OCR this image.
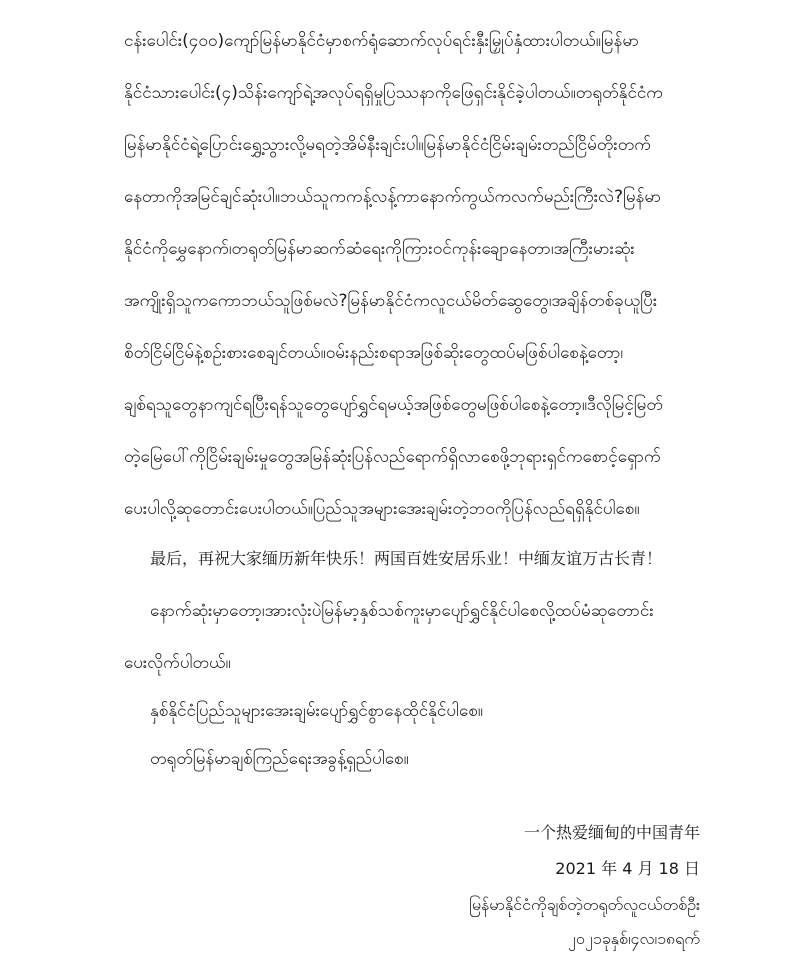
ငန်းပေါင်း(၄၀၀)ကျော်မြန်မာနိုင်ငံမှာစက်ရုံဆောက်လုပ်ရင်းနှီးမြှုပ်နှံထားပါတယ်။မြန်မာ
နိုင်ငံသားပေါင်း(၄)သိန်းကျော်ရဲ့အလုပ်ရရှိမှုပြဿနာကိုဖြေရှင်းနိုင်ခဲ့ပါတယ်။တရုတ်နိုင်ငံက
မြန်မာနိုင်ငံရဲ့ပြောင်းရွှေ့သွားလို့မရတဲ့အိမ်နီးချင်းပါ။မြန်မာနိုင်ငံငြိမ်းချမ်းတည်ငြိမ်တိုးတက်
နေတာကိုအမြင်ချင်ဆုံးပါ။ဘယ်သူကကန့်လန့်ကာနောက်ကွယ်ကလက်မည်းကြီးလဲ?မြန်မာ
နိုင်ငံကိုမွှေနောက်၊တရုတ်မြန်မာဆက်ဆံရေးကိုကြားဝင်ကုန်းချောနေတာ၊အကြီးမားဆုံး
အကျိုးရှိသူကကောဘယ်သူဖြစ်မလဲ?မြန်မာနိုင်ငံကလူငယ်မိတ်ဆွေတွေ၊အချိန်တစ်ခုယူပြီး
စိတ်ငြိမ်ငြိမ်နဲ့စဉ်းစားစေချင်တယ်။ဝမ်းနည်းစရာအဖြစ်ဆိုးတွေထပ်မဖြစ်ပါစေနဲ့တော့၊
ချစ်ရသူတွေနာကျင်ရပြီးရန်သူတွေပျော်ရွှင်ရမယ့်အဖြစ်တွေမဖြစ်ပါစေနဲ့တော့။ဒီလိုမြင့်မြတ်
တဲ့မြေပေါ်ကိုငြိမ်းချမ်းမှုတွေအမြန်ဆုံးပြန်လည်ရောက်ရှိလာစေဖို့ဘုရားရှင်ကစောင့်ရှောက်
ပေးပါလို့ဆုတောင်းပေးပါတယ်။ပြည်သူအများအေးချမ်းတဲ့ဘဝကိုပြန်လည်ရရှိနိုင်ပါစေ။
最后，再祝大家缅历新年快乐！两国百姓安居乐业！中缅友谊万古长青！
နောက်ဆုံးမှာတော့၊အားလုံးပဲမြန်မာ့နှစ်သစ်ကူးမှာပျော်ရွှင်နိုင်ပါစေလို့ထပ်မံဆုတောင်း
ပေးလိုက်ပါတယ်။
နှစ်နိုင်ငံပြည်သူများအေးချမ်းပျော်ရွှင်စွာနေထိုင်နိုင်ပါစေ။
တရုတ်မြန်မာချစ်ကြည်ရေးအခွန့်ရှည်ပါစေ။
一个热爱缅甸的中国青年
2021 年 4 月 18 日
မြန်မာနိုင်ငံကိုချစ်တဲ့တရုတ်လူငယ်တစ်ဦး
၂၀၂၁ခုနှစ်၊၄လ၊၁၈ရက်
